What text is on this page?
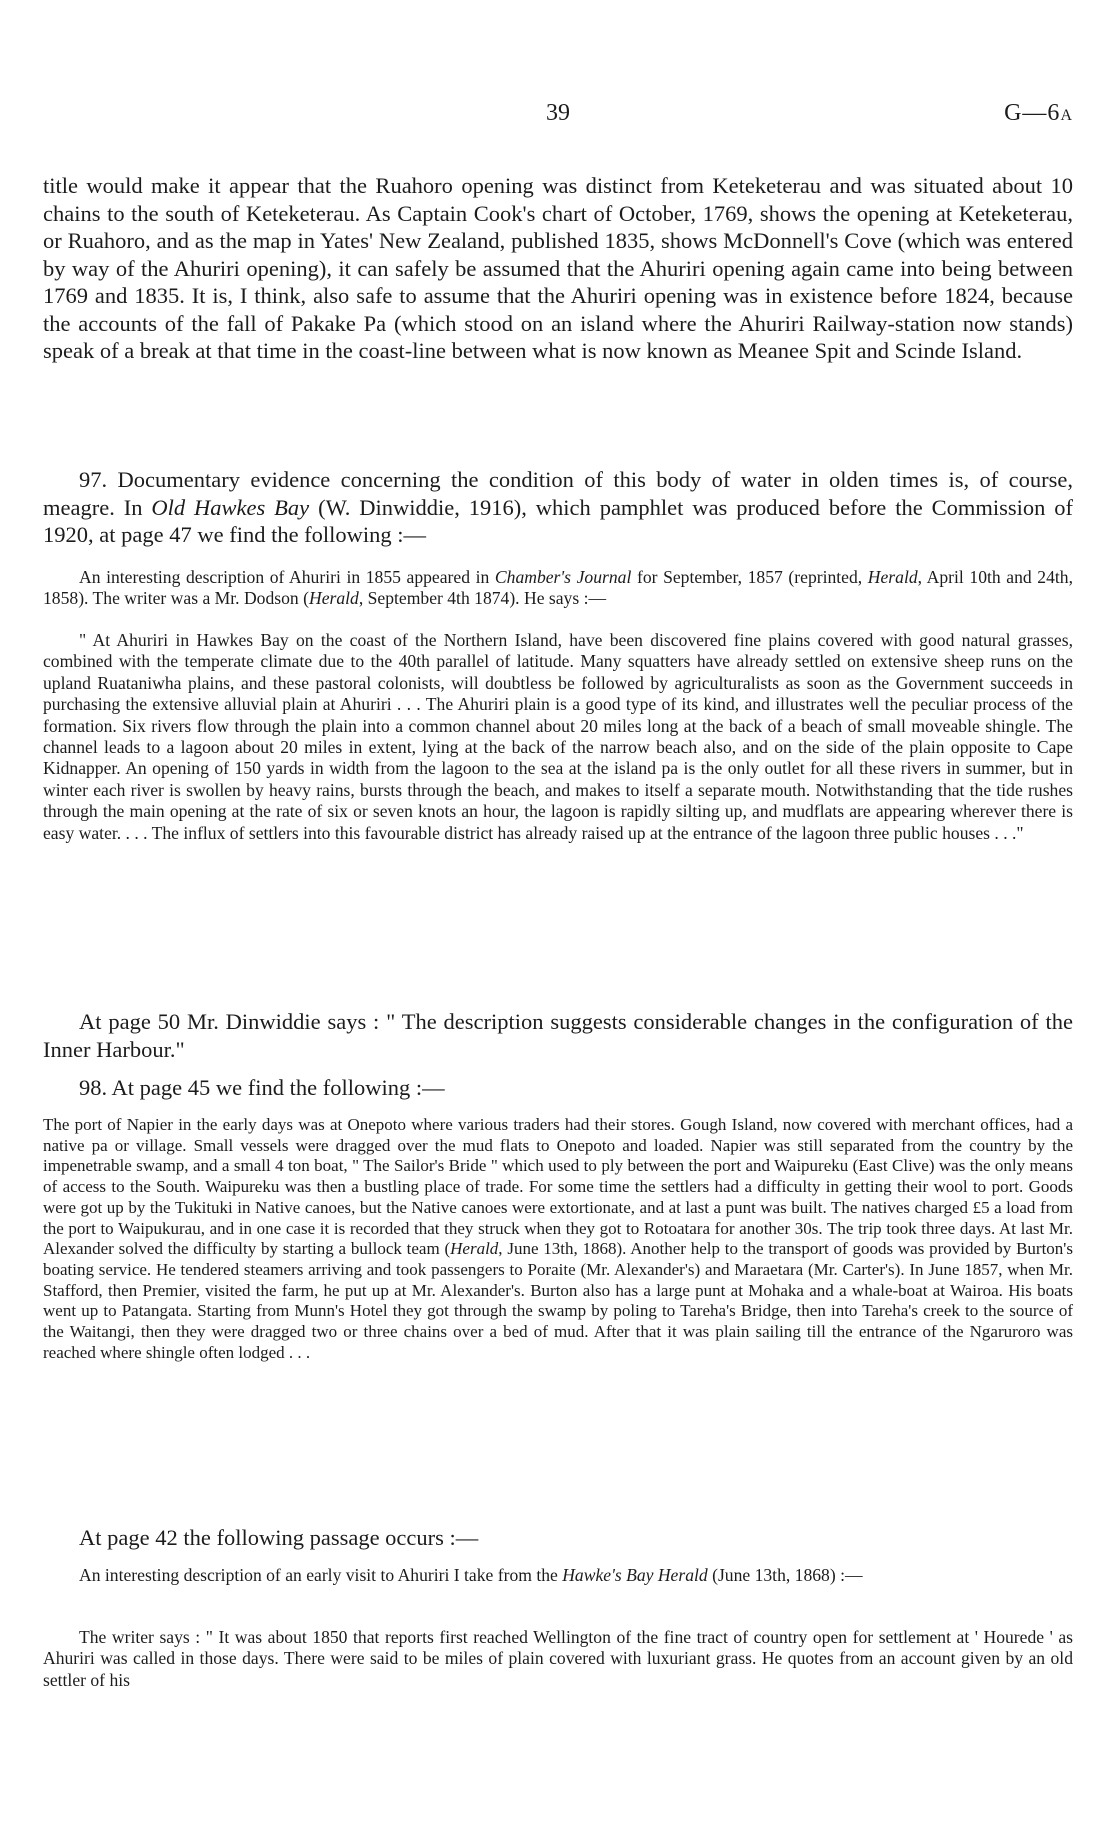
39	G—6A

title would make it appear that the Ruahoro opening was distinct from Keteketerau and was situated about 10 chains to the south of Keteketerau. As Captain Cook's chart of October, 1769, shows the opening at Keteketerau, or Ruahoro, and as the map in Yates' New Zealand, published 1835, shows McDonnell's Cove (which was entered by way of the Ahuriri opening), it can safely be assumed that the Ahuriri opening again came into being between 1769 and 1835. It is, I think, also safe to assume that the Ahuriri opening was in existence before 1824, because the accounts of the fall of Pakake Pa (which stood on an island where the Ahuriri Railway-station now stands) speak of a break at that time in the coast-line between what is now known as Meanee Spit and Scinde Island.

97. Documentary evidence concerning the condition of this body of water in olden times is, of course, meagre. In Old Hawkes Bay (W. Dinwiddie, 1916), which pamphlet was produced before the Commission of 1920, at page 47 we find the following :—

An interesting description of Ahuriri in 1855 appeared in Chamber's Journal for September, 1857 (reprinted, Herald, April 10th and 24th, 1858). The writer was a Mr. Dodson (Herald, September 4th 1874). He says :—

" At Ahuriri in Hawkes Bay on the coast of the Northern Island, have been discovered fine plains covered with good natural grasses, combined with the temperate climate due to the 40th parallel of latitude. Many squatters have already settled on extensive sheep runs on the upland Ruataniwha plains, and these pastoral colonists, will doubtless be followed by agriculturalists as soon as the Government succeeds in purchasing the extensive alluvial plain at Ahuriri . . . The Ahuriri plain is a good type of its kind, and illustrates well the peculiar process of the formation. Six rivers flow through the plain into a common channel about 20 miles long at the back of a beach of small moveable shingle. The channel leads to a lagoon about 20 miles in extent, lying at the back of the narrow beach also, and on the side of the plain opposite to Cape Kidnapper. An opening of 150 yards in width from the lagoon to the sea at the island pa is the only outlet for all these rivers in summer, but in winter each river is swollen by heavy rains, bursts through the beach, and makes to itself a separate mouth. Notwithstanding that the tide rushes through the main opening at the rate of six or seven knots an hour, the lagoon is rapidly silting up, and mudflats are appearing wherever there is easy water. . . . The influx of settlers into this favourable district has already raised up at the entrance of the lagoon three public houses . . ."

At page 50 Mr. Dinwiddie says : " The description suggests considerable changes in the configuration of the Inner Harbour."

98. At page 45 we find the following :—

The port of Napier in the early days was at Onepoto where various traders had their stores. Gough Island, now covered with merchant offices, had a native pa or village. Small vessels were dragged over the mud flats to Onepoto and loaded. Napier was still separated from the country by the impenetrable swamp, and a small 4 ton boat, " The Sailor's Bride " which used to ply between the port and Waipureku (East Clive) was the only means of access to the South. Waipureku was then a bustling place of trade. For some time the settlers had a difficulty in getting their wool to port. Goods were got up by the Tukituki in Native canoes, but the Native canoes were extortionate, and at last a punt was built. The natives charged £5 a load from the port to Waipukurau, and in one case it is recorded that they struck when they got to Rotoatara for another 30s. The trip took three days. At last Mr. Alexander solved the difficulty by starting a bullock team (Herald, June 13th, 1868). Another help to the transport of goods was provided by Burton's boating service. He tendered steamers arriving and took passengers to Poraite (Mr. Alexander's) and Maraetara (Mr. Carter's). In June 1857, when Mr. Stafford, then Premier, visited the farm, he put up at Mr. Alexander's. Burton also has a large punt at Mohaka and a whale-boat at Wairoa. His boats went up to Patangata. Starting from Munn's Hotel they got through the swamp by poling to Tareha's Bridge, then into Tareha's creek to the source of the Waitangi, then they were dragged two or three chains over a bed of mud. After that it was plain sailing till the entrance of the Ngaruroro was reached where shingle often lodged . . .

At page 42 the following passage occurs :—

An interesting description of an early visit to Ahuriri I take from the Hawke's Bay Herald (June 13th, 1868) :—

The writer says : " It was about 1850 that reports first reached Wellington of the fine tract of country open for settlement at ' Hourede ' as Ahuriri was called in those days. There were said to be miles of plain covered with luxuriant grass. He quotes from an account given by an old settler of his
